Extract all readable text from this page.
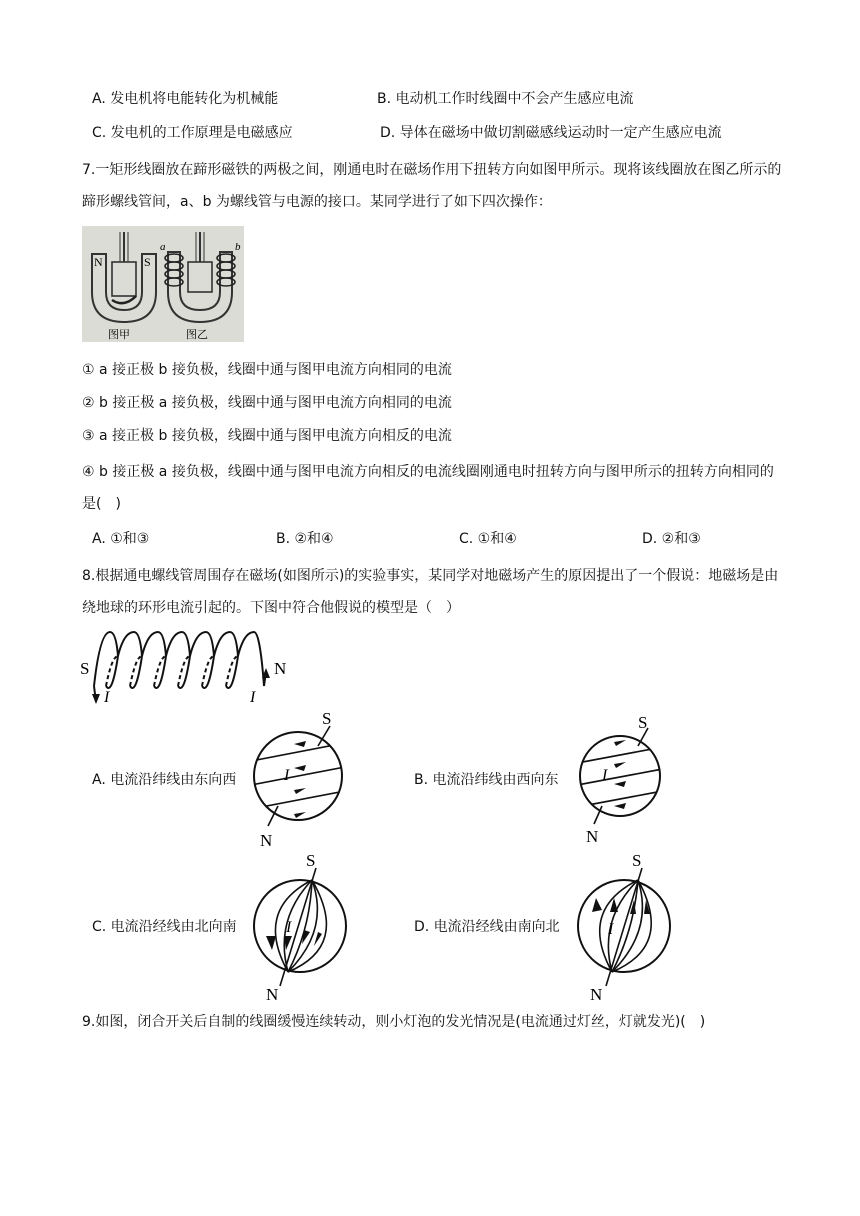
A. 发电机将电能转化为机械能	B. 电动机工作时线圈中不会产生感应电流
C. 发电机的工作原理是电磁感应	D. 导体在磁场中做切割磁感线运动时一定产生感应电流
7.一矩形线圈放在蹄形磁铁的两极之间，刚通电时在磁场作用下扭转方向如图甲所示。现将该线圈放在图乙所示的蹄形螺线管间，a、b 为螺线管与电源的接口。某同学进行了如下四次操作：
N	S
图甲
a	b
图乙
① a 接正极 b 接负极，线圈中通与图甲电流方向相同的电流
② b 接正极 a 接负极，线圈中通与图甲电流方向相同的电流
③ a 接正极 b 接负极，线圈中通与图甲电流方向相反的电流
④ b 接正极 a 接负极，线圈中通与图甲电流方向相反的电流线圈刚通电时扭转方向与图甲所示的扭转方向相同的是(　)
A. ①和③	B. ②和④	C. ①和④	D. ②和③
8.根据通电螺线管周围存在磁场(如图所示)的实验事实，某同学对地磁场产生的原因提出了一个假说：地磁场是由绕地球的环形电流引起的。下图中符合他假说的模型是（　）
S	N
I	I
A. 电流沿纬线由东向西
S
N
I	B. 电流沿纬线由西向东
S
N
I
C. 电流沿经线由北向南
S
N
I	D. 电流沿经线由南向北
S
N
I
9.如图，闭合开关后自制的线圈缓慢连续转动，则小灯泡的发光情况是(电流通过灯丝，灯就发光)(　)
